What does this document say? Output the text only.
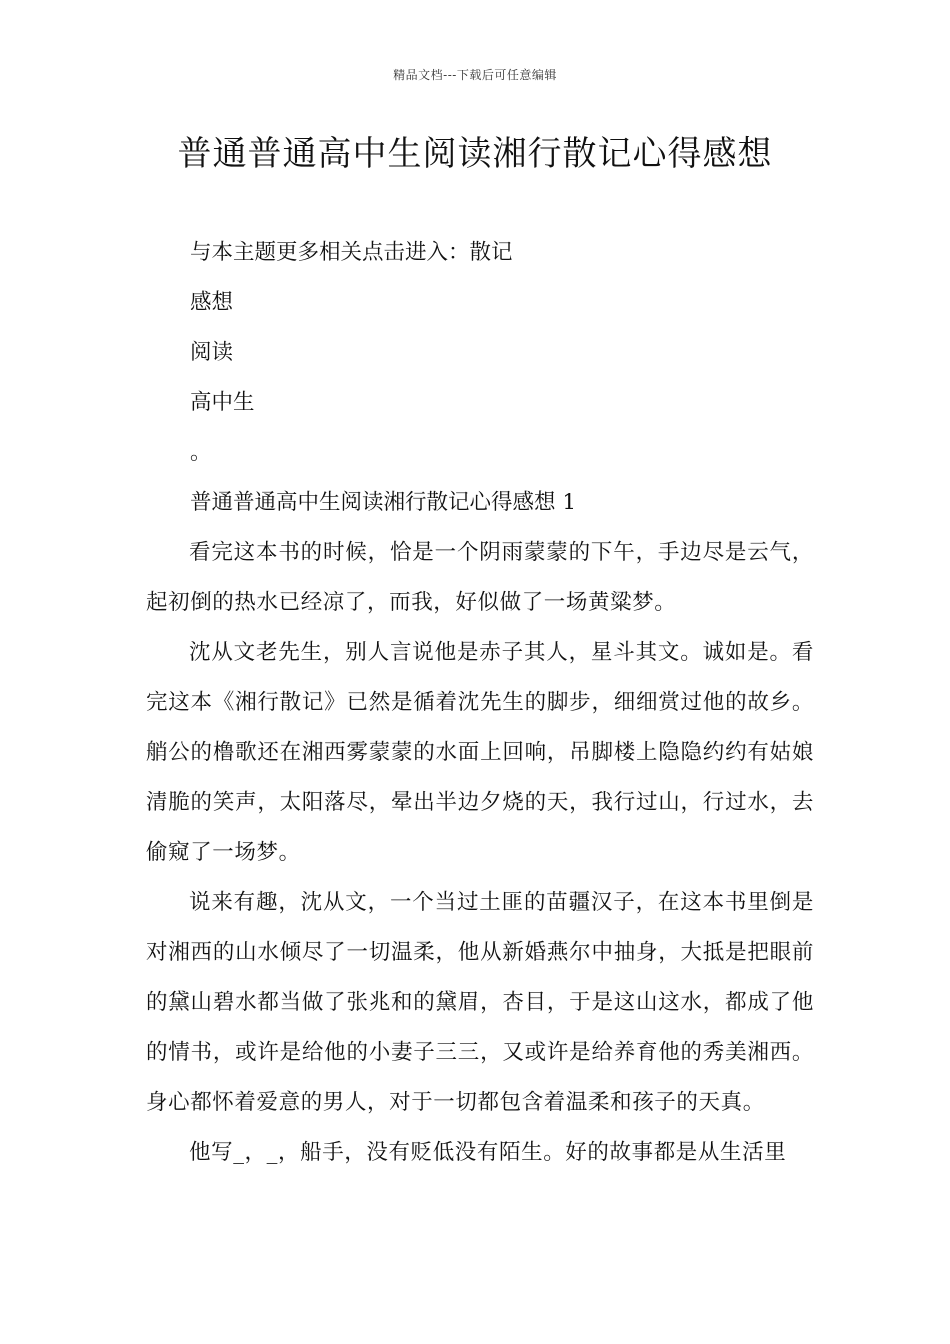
精品文档---下载后可任意编辑
普通普通高中生阅读湘行散记心得感想

与本主题更多相关点击进入：散记

感想

阅读

高中生

。

普通普通高中生阅读湘行散记心得感想 1

看完这本书的时候，恰是一个阴雨蒙蒙的下午，手边尽是云气，起初倒的热水已经凉了，而我，好似做了一场黄粱梦。

沈从文老先生，别人言说他是赤子其人，星斗其文。诚如是。看完这本《湘行散记》已然是循着沈先生的脚步，细细赏过他的故乡。艄公的橹歌还在湘西雾蒙蒙的水面上回响，吊脚楼上隐隐约约有姑娘清脆的笑声，太阳落尽，晕出半边夕烧的天，我行过山，行过水，去偷窥了一场梦。

说来有趣，沈从文，一个当过土匪的苗疆汉子，在这本书里倒是对湘西的山水倾尽了一切温柔，他从新婚燕尔中抽身，大抵是把眼前的黛山碧水都当做了张兆和的黛眉，杏目，于是这山这水，都成了他的情书，或许是给他的小妻子三三，又或许是给养育他的秀美湘西。身心都怀着爱意的男人，对于一切都包含着温柔和孩子的天真。

他写_，_，船手，没有贬低没有陌生。好的故事都是从生活里
